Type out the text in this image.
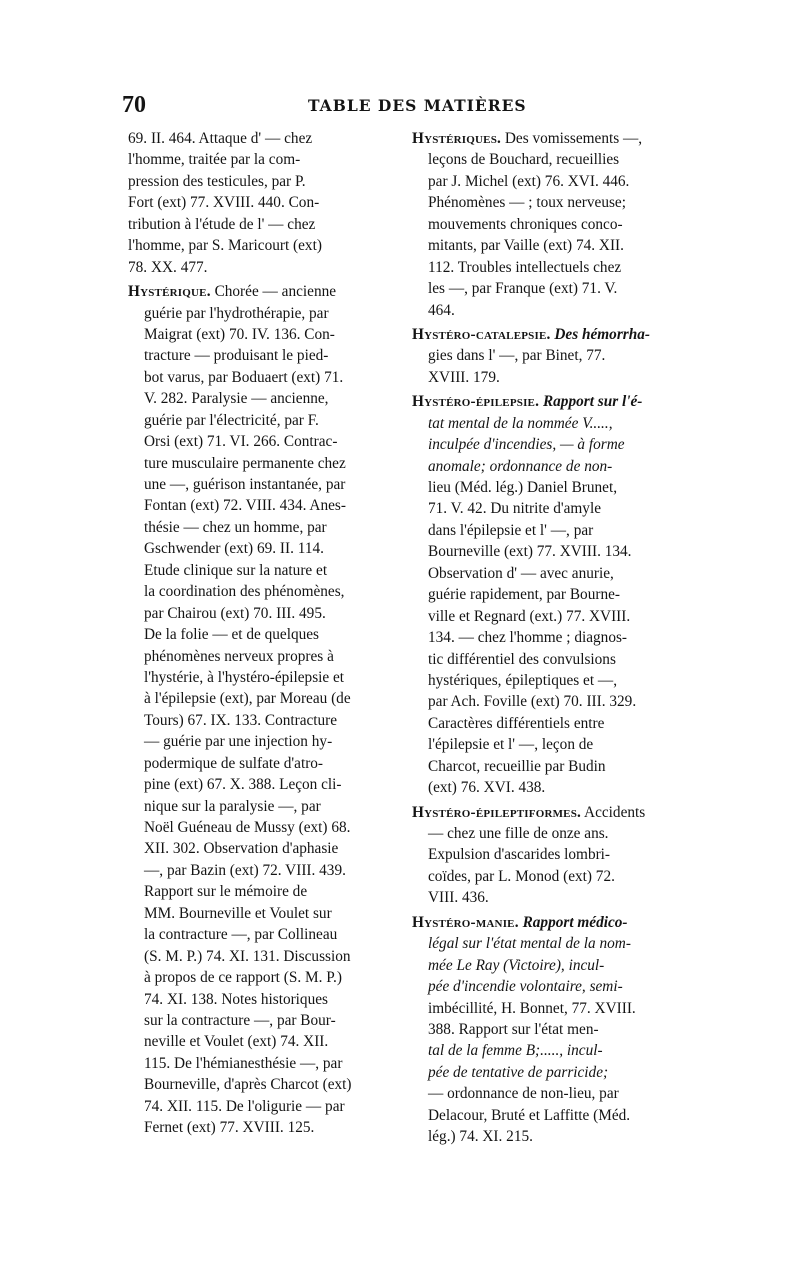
70	TABLE DES MATIÈRES
69. II. 464. Attaque d' — chez
l'homme, traitée par la com-
pression des testicules, par P.
Fort (ext) 77. XVIII. 440. Con-
tribution à l'étude de l' — chez
l'homme, par S. Maricourt (ext)
78. XX. 477.
Hystérique. Chorée — ancienne
guérie par l'hydrothérapie, par
Maigrat (ext) 70. IV. 136. Con-
tracture — produisant le pied-
bot varus, par Boduaert (ext) 71.
V. 282. Paralysie — ancienne,
guérie par l'électricité, par F.
Orsi (ext) 71. VI. 266. Contrac-
ture musculaire permanente chez
une —, guérison instantanée, par
Fontan (ext) 72. VIII. 434. Anes-
thésie — chez un homme, par
Gschwender (ext) 69. II. 114.
Etude clinique sur la nature et
la coordination des phénomènes,
par Chairou (ext) 70. III. 495.
De la folie — et de quelques
phénomènes nerveux propres à
l'hystérie, à l'hystéro-épilepsie et
à l'épilepsie (ext), par Moreau (de
Tours) 67. IX. 133. Contracture
— guérie par une injection hy-
podermique de sulfate d'atro-
pine (ext) 67. X. 388. Leçon cli-
nique sur la paralysie —, par
Noël Guéneau de Mussy (ext) 68.
XII. 302. Observation d'aphasie
—, par Bazin (ext) 72. VIII. 439.
Rapport sur le mémoire de
MM. Bourneville et Voulet sur
la contracture —, par Collineau
(S. M. P.) 74. XI. 131. Discussion
à propos de ce rapport (S. M. P.)
74. XI. 138. Notes historiques
sur la contracture —, par Bour-
neville et Voulet (ext) 74. XII.
115. De l'hémianesthésie —, par
Bourneville, d'après Charcot (ext)
74. XII. 115. De l'oligurie — par
Fernet (ext) 77. XVIII. 125.
Hystériques. Des vomissements —,
leçons de Bouchard, recueillies
par J. Michel (ext) 76. XVI. 446.
Phénomènes — ; toux nerveuse;
mouvements chroniques conco-
mitants, par Vaille (ext) 74. XII.
112. Troubles intellectuels chez
les —, par Franque (ext) 71. V.
464.
Hystéro-catalepsie. Des hémorrha-
gies dans l' —, par Binet, 77.
XVIII. 179.
Hystéro-épilepsie. Rapport sur l'é-
tat mental de la nommée V.....,
inculpée d'incendies, — à forme
anomale; ordonnance de non-
lieu (Méd. lég.) Daniel Brunet,
71. V. 42. Du nitrite d'amyle
dans l'épilepsie et l' —, par
Bourneville (ext) 77. XVIII. 134.
Observation d' — avec anurie,
guérie rapidement, par Bourne-
ville et Regnard (ext.) 77. XVIII.
134. — chez l'homme ; diagnos-
tic différentiel des convulsions
hystériques, épileptiques et —,
par Ach. Foville (ext) 70. III. 329.
Caractères différentiels entre
l'épilepsie et l' —, leçon de
Charcot, recueillie par Budin
(ext) 76. XVI. 438.
Hystéro-épileptiformes. Accidents
— chez une fille de onze ans.
Expulsion d'ascarides lombri-
coïdes, par L. Monod (ext) 72.
VIII. 436.
Hystéro-manie. Rapport médico-
légal sur l'état mental de la nom-
mée Le Ray (Victoire), incul-
pée d'incendie volontaire, semi-
imbécillité, H. Bonnet, 77. XVIII.
388. Rapport sur l'état men-
tal de la femme B;....., incul-
pée de tentative de parricide;
— ordonnance de non-lieu, par
Delacour, Bruté et Laffitte (Méd.
lég.) 74. XI. 215.
